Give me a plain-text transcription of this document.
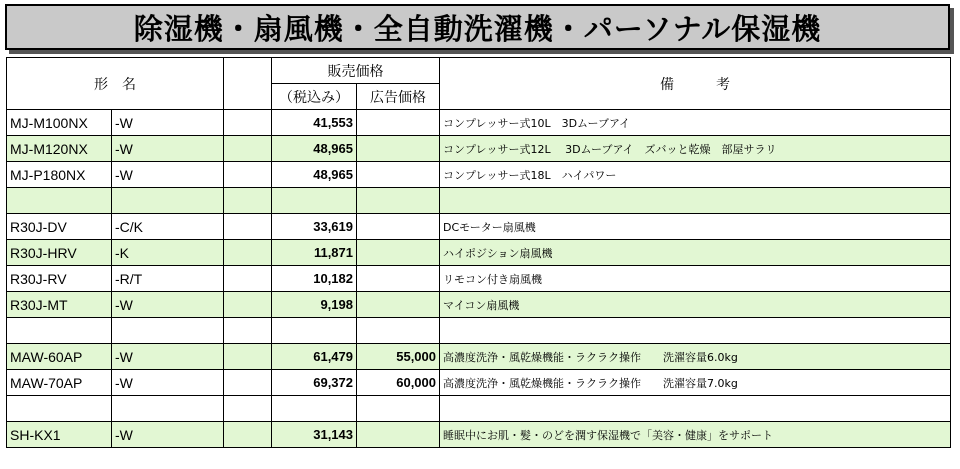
除湿機・扇風機・全自動洗濯機・パーソナル保湿機
形　名			販売価格		備　　　考
			（税込み）	広告価格	
MJ-M100NX	-W		41,553		コンプレッサー式10L　3Dムーブアイ
MJ-M120NX	-W		48,965		コンプレッサー式12L　 3Dムーブアイ　ズバッと乾燥　部屋サラリ
MJ-P180NX	-W		48,965		コンプレッサー式18L　ハイパワー

R30J-DV	-C/K		33,619		DCモーター扇風機
R30J-HRV	-K		11,871		ハイポジション扇風機
R30J-RV	-R/T		10,182		リモコン付き扇風機
R30J-MT	-W		9,198		マイコン扇風機

MAW-60AP	-W		61,479	55,000	高濃度洗浄・風乾燥機能・ラクラク操作　　洗濯容量6.0kg
MAW-70AP	-W		69,372	60,000	高濃度洗浄・風乾燥機能・ラクラク操作　　洗濯容量7.0kg

SH-KX1	-W		31,143		睡眠中にお肌・髪・のどを潤す保湿機で「美容・健康」をサポート
